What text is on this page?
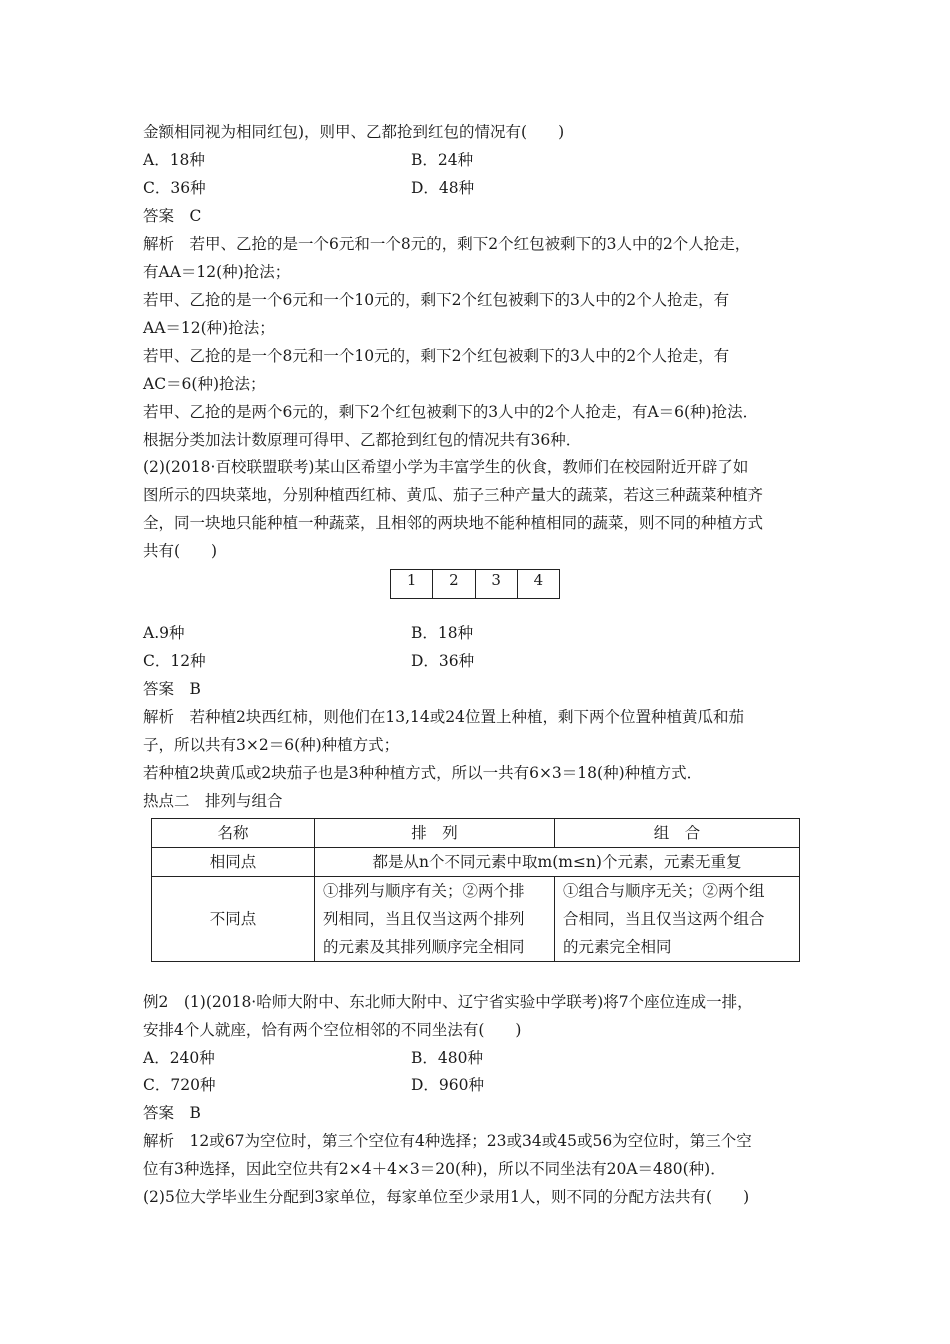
金额相同视为相同红包)，则甲、乙都抢到红包的情况有(　　)
A．18种	B．24种
C．36种	D．48种
答案　C
解析　若甲、乙抢的是一个6元和一个8元的，剩下2个红包被剩下的3人中的2个人抢走，
有AA＝12(种)抢法；
若甲、乙抢的是一个6元和一个10元的，剩下2个红包被剩下的3人中的2个人抢走，有
AA＝12(种)抢法；
若甲、乙抢的是一个8元和一个10元的，剩下2个红包被剩下的3人中的2个人抢走，有
AC＝6(种)抢法；
若甲、乙抢的是两个6元的，剩下2个红包被剩下的3人中的2个人抢走，有A＝6(种)抢法．
根据分类加法计数原理可得甲、乙都抢到红包的情况共有36种．
(2)(2018·百校联盟联考)某山区希望小学为丰富学生的伙食，教师们在校园附近开辟了如
图所示的四块菜地，分别种植西红柿、黄瓜、茄子三种产量大的蔬菜，若这三种蔬菜种植齐
全，同一块地只能种植一种蔬菜，且相邻的两块地不能种植相同的蔬菜，则不同的种植方式
共有(　　)
1	2	3	4
A.9种	B．18种
C．12种	D．36种
答案　B
解析　若种植2块西红柿，则他们在13,14或24位置上种植，剩下两个位置种植黄瓜和茄
子，所以共有3×2＝6(种)种植方式；
若种植2块黄瓜或2块茄子也是3种种植方式，所以一共有6×3＝18(种)种植方式．
热点二　排列与组合
名称	排　列	组　合
相同点	都是从n个不同元素中取m(m≤n)个元素，元素无重复	
不同点	①排列与顺序有关；②两个排
列相同，当且仅当这两个排列
的元素及其排列顺序完全相同	①组合与顺序无关；②两个组
合相同，当且仅当这两个组合
的元素完全相同
例2　(1)(2018·哈师大附中、东北师大附中、辽宁省实验中学联考)将7个座位连成一排，
安排4个人就座，恰有两个空位相邻的不同坐法有(　　)
A．240种	B．480种
C．720种	D．960种
答案　B
解析　12或67为空位时，第三个空位有4种选择；23或34或45或56为空位时，第三个空
位有3种选择，因此空位共有2×4＋4×3＝20(种)，所以不同坐法有20A＝480(种)．
(2)5位大学毕业生分配到3家单位，每家单位至少录用1人，则不同的分配方法共有(　　)
